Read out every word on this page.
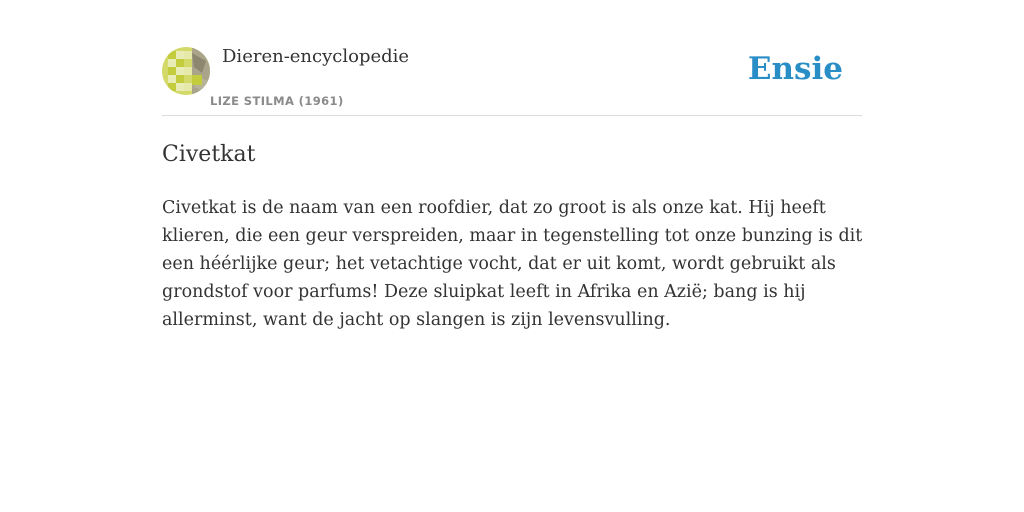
Dieren-encyclopedie
LIZE STILMA (1961)
Ensie
Civetkat

Civetkat is de naam van een roofdier, dat zo groot is als onze kat. Hij heeft klieren, die een geur verspreiden, maar in tegenstelling tot onze bunzing is dit een héérlijke geur; het vetachtige vocht, dat er uit komt, wordt gebruikt als grondstof voor parfums! Deze sluipkat leeft in Afrika en Azië; bang is hij allerminst, want de jacht op slangen is zijn levensvulling.
